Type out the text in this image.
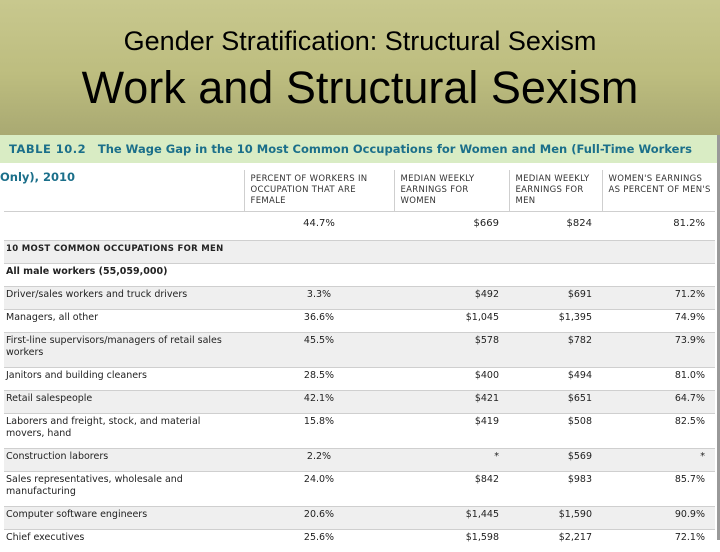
Gender Stratification: Structural Sexism
Work and Structural Sexism
TABLE 10.2 The Wage Gap in the 10 Most Common Occupations for Women and Men (Full-Time Workers Only), 2010
		PERCENT OF WORKERS IN OCCUPATION THAT ARE FEMALE	MEDIAN WEEKLY EARNINGS FOR WOMEN	MEDIAN WEEKLY EARNINGS FOR MEN	WOMEN'S EARNINGS AS PERCENT OF MEN'S
	44.7%	$669	$824	81.2%
10 MOST COMMON OCCUPATIONS FOR MEN				
All male workers (55,059,000)				
Driver/sales workers and truck drivers	3.3%	$492	$691	71.2%
Managers, all other	36.6%	$1,045	$1,395	74.9%
First-line supervisors/managers of retail sales workers	45.5%	$578	$782	73.9%
Janitors and building cleaners	28.5%	$400	$494	81.0%
Retail salespeople	42.1%	$421	$651	64.7%
Laborers and freight, stock, and material movers, hand	15.8%	$419	$508	82.5%
Construction laborers	2.2%	*	$569	*
Sales representatives, wholesale and manufacturing	24.0%	$842	$983	85.7%
Computer software engineers	20.6%	$1,445	$1,590	90.9%
Chief executives	25.6%	$1,598	$2,217	72.1%
